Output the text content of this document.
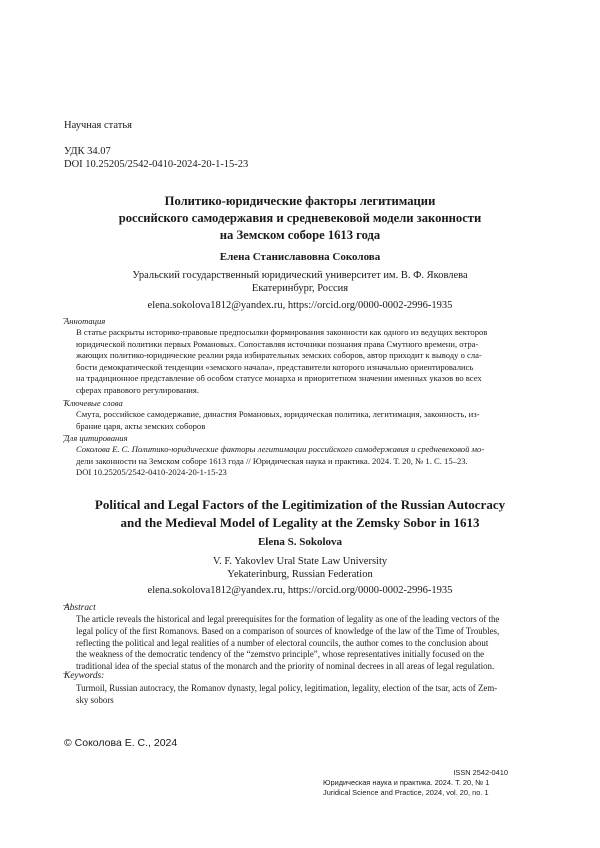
Научная статья
УДК 34.07
DOI 10.25205/2542-0410-2024-20-1-15-23
Политико-юридические факторы легитимации
российского самодержавия и средневековой модели законности
на Земском соборе 1613 года
Елена Станиславовна Соколова
Уральский государственный юридический университет им. В. Ф. Яковлева
Екатеринбург, Россия
elena.sokolova1812@yandex.ru, https://orcid.org/0000-0002-2996-1935
Аннотация
В статье раскрыты историко-правовые предпосылки формирования законности как одного из ведущих векторов
юридической политики первых Романовых. Сопоставляя источники познания права Смутного времени, отра-
жающих политико-юридические реалии ряда избирательных земских соборов, автор приходит к выводу о сла-
бости демократической тенденции «земского начала», представители которого изначально ориентировались
на традиционное представление об особом статусе монарха и приоритетном значении именных указов во всех
сферах правового регулирования.
Ключевые слова
Смута, российское самодержавие, династия Романовых, юридическая политика, легитимация, законность, из-
брание царя, акты земских соборов
Для цитирования
Соколова Е. С. Политико-юридические факторы легитимации российского самодержавия и средневековой мо-
дели законности на Земском соборе 1613 года // Юридическая наука и практика. 2024. Т. 20, № 1. С. 15–23.
DOI 10.25205/2542-0410-2024-20-1-15-23
Political and Legal Factors of the Legitimization of the Russian Autocracy
and the Medieval Model of Legality at the Zemsky Sobor in 1613
Elena S. Sokolova
V. F. Yakovlev Ural State Law University
Yekaterinburg, Russian Federation
elena.sokolova1812@yandex.ru, https://orcid.org/0000-0002-2996-1935
Abstract
The article reveals the historical and legal prerequisites for the formation of legality as one of the leading vectors of the
legal policy of the first Romanovs. Based on a comparison of sources of knowledge of the law of the Time of Troubles,
reflecting the political and legal realities of a number of electoral councils, the author comes to the conclusion about
the weakness of the democratic tendency of the “zemstvo principle”, whose representatives initially focused on the
traditional idea of the special status of the monarch and the priority of nominal decrees in all areas of legal regulation.
Keywords:
Turmoil, Russian autocracy, the Romanov dynasty, legal policy, legitimation, legality, election of the tsar, acts of Zem-
sky sobors
© Соколова Е. С., 2024
ISSN 2542-0410
Юридическая наука и практика. 2024. Т. 20, № 1
Juridical Science and Practice, 2024, vol. 20, no. 1
